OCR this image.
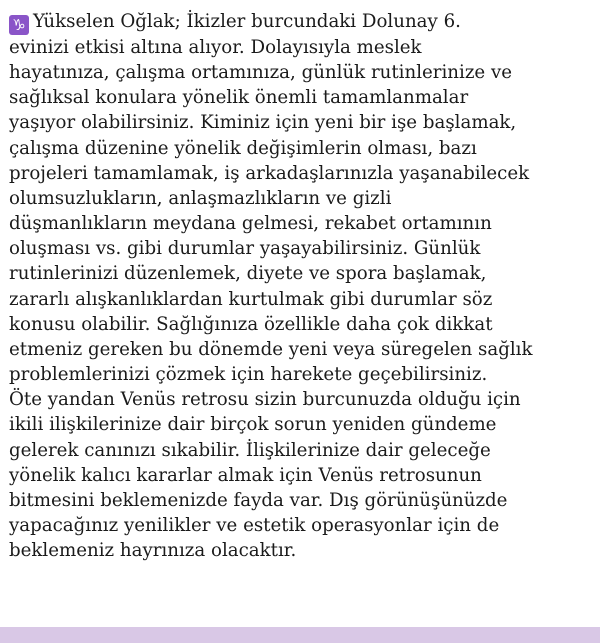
♑ Yükselen Oğlak; İkizler burcundaki Dolunay 6.
evinizi etkisi altına alıyor. Dolayısıyla meslek
hayatınıza, çalışma ortamınıza, günlük rutinlerinize ve
sağlıksal konulara yönelik önemli tamamlanmalar
yaşıyor olabilirsiniz. Kiminiz için yeni bir işe başlamak,
çalışma düzenine yönelik değişimlerin olması, bazı
projeleri tamamlamak, iş arkadaşlarınızla yaşanabilecek
olumsuzlukların, anlaşmazlıkların ve gizli
düşmanlıkların meydana gelmesi, rekabet ortamının
oluşması vs. gibi durumlar yaşayabilirsiniz. Günlük
rutinlerinizi düzenlemek, diyete ve spora başlamak,
zararlı alışkanlıklardan kurtulmak gibi durumlar söz
konusu olabilir. Sağlığınıza özellikle daha çok dikkat
etmeniz gereken bu dönemde yeni veya süregelen sağlık
problemlerinizi çözmek için harekete geçebilirsiniz.
Öte yandan Venüs retrosu sizin burcunuzda olduğu için
ikili ilişkilerinize dair birçok sorun yeniden gündeme
gelerek canınızı sıkabilir. İlişkilerinize dair geleceğe
yönelik kalıcı kararlar almak için Venüs retrosunun
bitmesini beklemenizde fayda var. Dış görünüşünüzde
yapacağınız yenilikler ve estetik operasyonlar için de
beklemeniz hayrınıza olacaktır.
